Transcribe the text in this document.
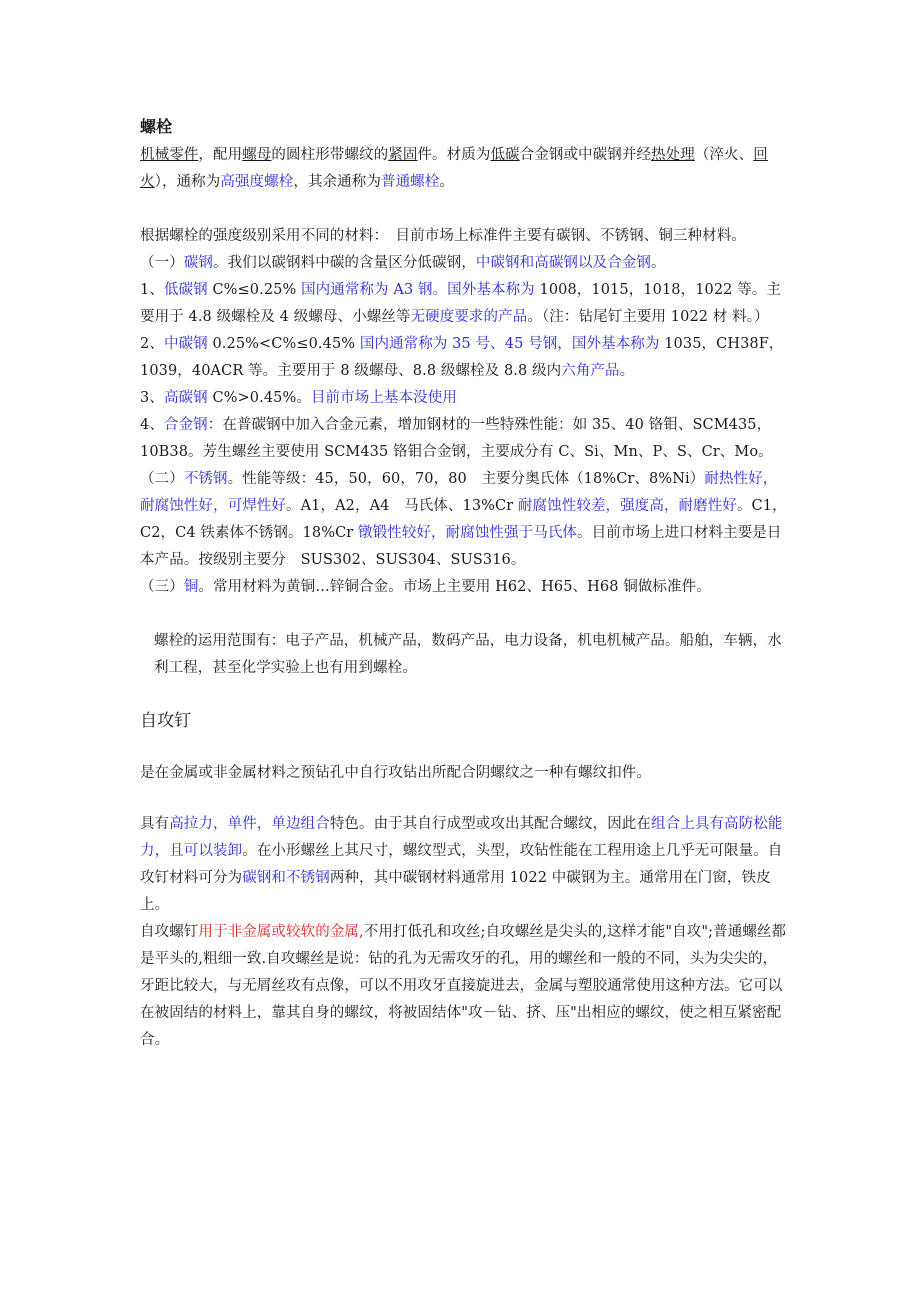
螺栓

机械零件，配用螺母的圆柱形带螺纹的紧固件。材质为低碳合金钢或中碳钢并经热处理（淬火、回火），通称为高强度螺栓，其余通称为普通螺栓。

根据螺栓的强度级别采用不同的材料：　目前市场上标准件主要有碳钢、不锈钢、铜三种材料。

（一）碳钢。我们以碳钢料中碳的含量区分低碳钢，中碳钢和高碳钢以及合金钢。

1、低碳钢 C%≤0.25% 国内通常称为 A3 钢。国外基本称为 1008，1015，1018，1022 等。主　要用于 4.8 级螺栓及 4 级螺母、小螺丝等无硬度要求的产品。（注：钻尾钉主要用 1022 材 料。）

2、中碳钢 0.25%<C%≤0.45% 国内通常称为 35 号、45 号钢，国外基本称为 1035，CH38F，　1039，40ACR 等。主要用于 8 级螺母、8.8 级螺栓及 8.8 级内六角产品。

3、高碳钢 C%>0.45%。目前市场上基本没使用

4、合金钢：在普碳钢中加入合金元素，增加钢材的一些特殊性能：如 35、40 铬钼、SCM435，　10B38。芳生螺丝主要使用 SCM435 铬钼合金钢，主要成分有 C、Si、Mn、P、S、Cr、Mo。

（二）不锈钢。性能等级：45，50，60，70，80　主要分奥氏体（18%Cr、8%Ni）耐热性好，耐腐蚀性好，可焊性好。A1，A2，A4　马氏体、13%Cr 耐腐蚀性较差，强度高，耐磨性好。C1，C2，C4 铁素体不锈钢。18%Cr 镦锻性较好，耐腐蚀性强于马氏体。目前市场上进口材料主要是日本产品。按级别主要分　SUS302、SUS304、SUS316。

（三）铜。常用材料为黄铜…锌铜合金。市场上主要用 H62、H65、H68 铜做标准件。

螺栓的运用范围有：电子产品，机械产品，数码产品，电力设备，机电机械产品。船舶，车辆，水利工程，甚至化学实验上也有用到螺栓。

自攻钉

是在金属或非金属材料之预钻孔中自行攻钻出所配合阴螺纹之一种有螺纹扣件。

具有高拉力，单件，单边组合特色。由于其自行成型或攻出其配合螺纹，因此在组合上具有高防松能力，且可以装卸。在小形螺丝上其尺寸，螺纹型式，头型，攻钻性能在工程用途上几乎无可限量。自攻钉材料可分为碳钢和不锈钢两种，其中碳钢材料通常用 1022 中碳钢为主。通常用在门窗，铁皮上。

自攻螺钉用于非金属或较软的金属,不用打低孔和攻丝;自攻螺丝是尖头的,这样才能"自攻";普通螺丝都是平头的,粗细一致.自攻螺丝是说：钻的孔为无需攻牙的孔，用的螺丝和一般的不同，头为尖尖的，牙距比较大，与无屑丝攻有点像，可以不用攻牙直接旋进去，金属与塑胶通常使用这种方法。它可以在被固结的材料上，靠其自身的螺纹，将被固结体"攻－钻、挤、压"出相应的螺纹，使之相互紧密配合。
